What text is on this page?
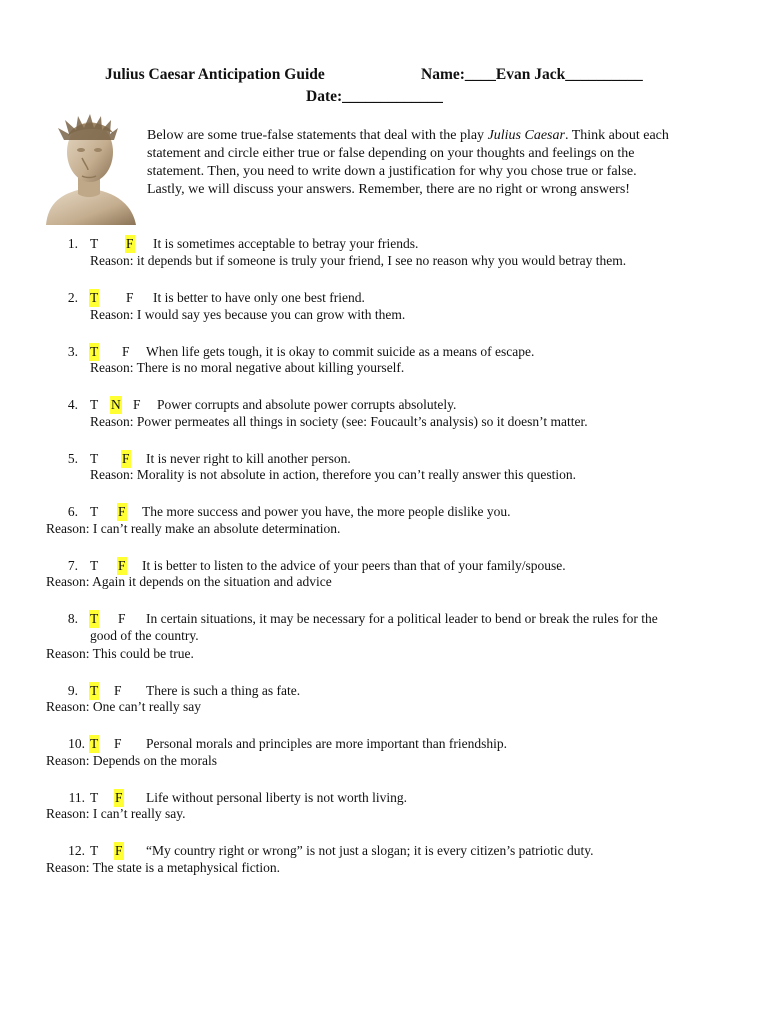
Julius Caesar Anticipation Guide	Name:____Evan Jack__________
Date:_____________
Below are some true-false statements that deal with the play Julius Caesar. Think about each
statement and circle either true or false depending on your thoughts and feelings on the
statement. Then, you need to write down a justification for why you chose true or false.
Lastly, we will discuss your answers. Remember, there are no right or wrong answers!
1. T F It is sometimes acceptable to betray your friends.
Reason: it depends but if someone is truly your friend, I see no reason why you would betray them.
2. T F It is better to have only one best friend.
Reason: I would say yes because you can grow with them.
3. T F When life gets tough, it is okay to commit suicide as a means of escape.
Reason: There is no moral negative about killing yourself.
4. T N F Power corrupts and absolute power corrupts absolutely.
Reason: Power permeates all things in society (see: Foucault’s analysis) so it doesn’t matter.
5. T F It is never right to kill another person.
Reason: Morality is not absolute in action, therefore you can’t really answer this question.
6. T F The more success and power you have, the more people dislike you.
Reason: I can’t really make an absolute determination.
7. T F It is better to listen to the advice of your peers than that of your family/spouse.
Reason: Again it depends on the situation and advice
8. T F In certain situations, it may be necessary for a political leader to bend or break the rules for the
good of the country.
Reason: This could be true.
9. T F There is such a thing as fate.
Reason: One can’t really say
10. T F Personal morals and principles are more important than friendship.
Reason: Depends on the morals
11. T F Life without personal liberty is not worth living.
Reason: I can’t really say.
12. T F “My country right or wrong” is not just a slogan; it is every citizen’s patriotic duty.
Reason: The state is a metaphysical fiction.
